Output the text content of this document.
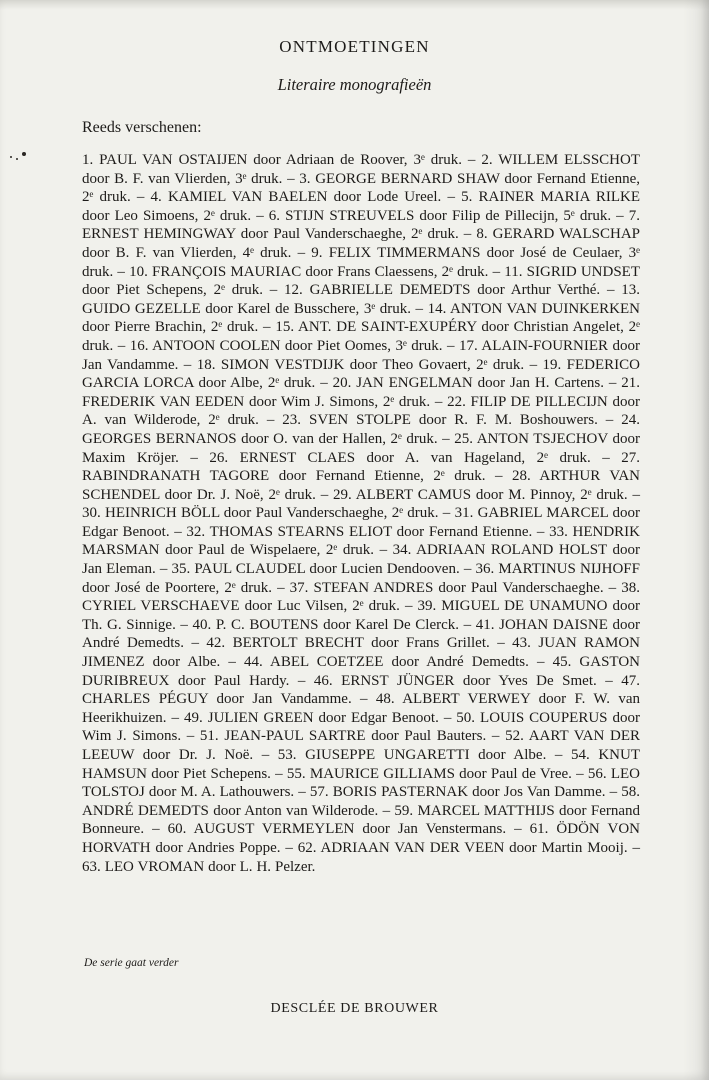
ONTMOETINGEN
Literaire monografieën
Reeds verschenen:

1. PAUL VAN OSTAIJEN door Adriaan de Roover, 3ᵉ druk. – 2. WILLEM ELSSCHOT door B. F. van Vlierden, 3ᵉ druk. – 3. GEORGE BERNARD SHAW door Fernand Etienne, 2ᵉ druk. – 4. KAMIEL VAN BAELEN door Lode Ureel. – 5. RAINER MARIA RILKE door Leo Simoens, 2ᵉ druk. – 6. STIJN STREUVELS door Filip de Pillecijn, 5ᵉ druk. – 7. ERNEST HEMINGWAY door Paul Vanderschaeghe, 2ᵉ druk. – 8. GERARD WALSCHAP door B. F. van Vlierden, 4ᵉ druk. – 9. FELIX TIMMERMANS door José de Ceulaer, 3ᵉ druk. – 10. FRANÇOIS MAURIAC door Frans Claessens, 2ᵉ druk. – 11. SIGRID UNDSET door Piet Schepens, 2ᵉ druk. – 12. GABRIELLE DEMEDTS door Arthur Verthé. – 13. GUIDO GEZELLE door Karel de Busschere, 3ᵉ druk. – 14. ANTON VAN DUINKERKEN door Pierre Brachin, 2ᵉ druk. – 15. ANT. DE SAINT-EXUPÉRY door Christian Angelet, 2ᵉ druk. – 16. ANTOON COOLEN door Piet Oomes, 3ᵉ druk. – 17. ALAIN-FOURNIER door Jan Vandamme. – 18. SIMON VESTDIJK door Theo Govaert, 2ᵉ druk. – 19. FEDERICO GARCIA LORCA door Albe, 2ᵉ druk. – 20. JAN ENGELMAN door Jan H. Cartens. – 21. FREDERIK VAN EEDEN door Wim J. Simons, 2ᵉ druk. – 22. FILIP DE PILLECIJN door A. van Wilderode, 2ᵉ druk. – 23. SVEN STOLPE door R. F. M. Boshouwers. – 24. GEORGES BERNANOS door O. van der Hallen, 2ᵉ druk. – 25. ANTON TSJECHOV door Maxim Kröjer. – 26. ERNEST CLAES door A. van Hageland, 2ᵉ druk. – 27. RABINDRANATH TAGORE door Fernand Etienne, 2ᵉ druk. – 28. ARTHUR VAN SCHENDEL door Dr. J. Noë, 2ᵉ druk. – 29. ALBERT CAMUS door M. Pinnoy, 2ᵉ druk. – 30. HEINRICH BÖLL door Paul Vanderschaeghe, 2ᵉ druk. – 31. GABRIEL MARCEL door Edgar Benoot. – 32. THOMAS STEARNS ELIOT door Fernand Etienne. – 33. HENDRIK MARSMAN door Paul de Wispelaere, 2ᵉ druk. – 34. ADRIAAN ROLAND HOLST door Jan Eleman. – 35. PAUL CLAUDEL door Lucien Dendooven. – 36. MARTINUS NIJHOFF door José de Poortere, 2ᵉ druk. – 37. STEFAN ANDRES door Paul Vanderschaeghe. – 38. CYRIEL VERSCHAEVE door Luc Vilsen, 2ᵉ druk. – 39. MIGUEL DE UNAMUNO door Th. G. Sinnige. – 40. P. C. BOUTENS door Karel De Clerck. – 41. JOHAN DAISNE door André Demedts. – 42. BERTOLT BRECHT door Frans Grillet. – 43. JUAN RAMON JIMENEZ door Albe. – 44. ABEL COETZEE door André Demedts. – 45. GASTON DURIBREUX door Paul Hardy. – 46. ERNST JÜNGER door Yves De Smet. – 47. CHARLES PÉGUY door Jan Vandamme. – 48. ALBERT VERWEY door F. W. van Heerikhuizen. – 49. JULIEN GREEN door Edgar Benoot. – 50. LOUIS COUPERUS door Wim J. Simons. – 51. JEAN-PAUL SARTRE door Paul Bauters. – 52. AART VAN DER LEEUW door Dr. J. Noë. – 53. GIUSEPPE UNGARETTI door Albe. – 54. KNUT HAMSUN door Piet Schepens. – 55. MAURICE GILLIAMS door Paul de Vree. – 56. LEO TOLSTOJ door M. A. Lathouwers. – 57. BORIS PASTERNAK door Jos Van Damme. – 58. ANDRÉ DEMEDTS door Anton van Wilderode. – 59. MARCEL MATTHIJS door Fernand Bonneure. – 60. AUGUST VERMEYLEN door Jan Venstermans. – 61. ÖDÖN VON HORVATH door Andries Poppe. – 62. ADRIAAN VAN DER VEEN door Martin Mooij. – 63. LEO VROMAN door L. H. Pelzer.

De serie gaat verder
DESCLÉE DE BROUWER
